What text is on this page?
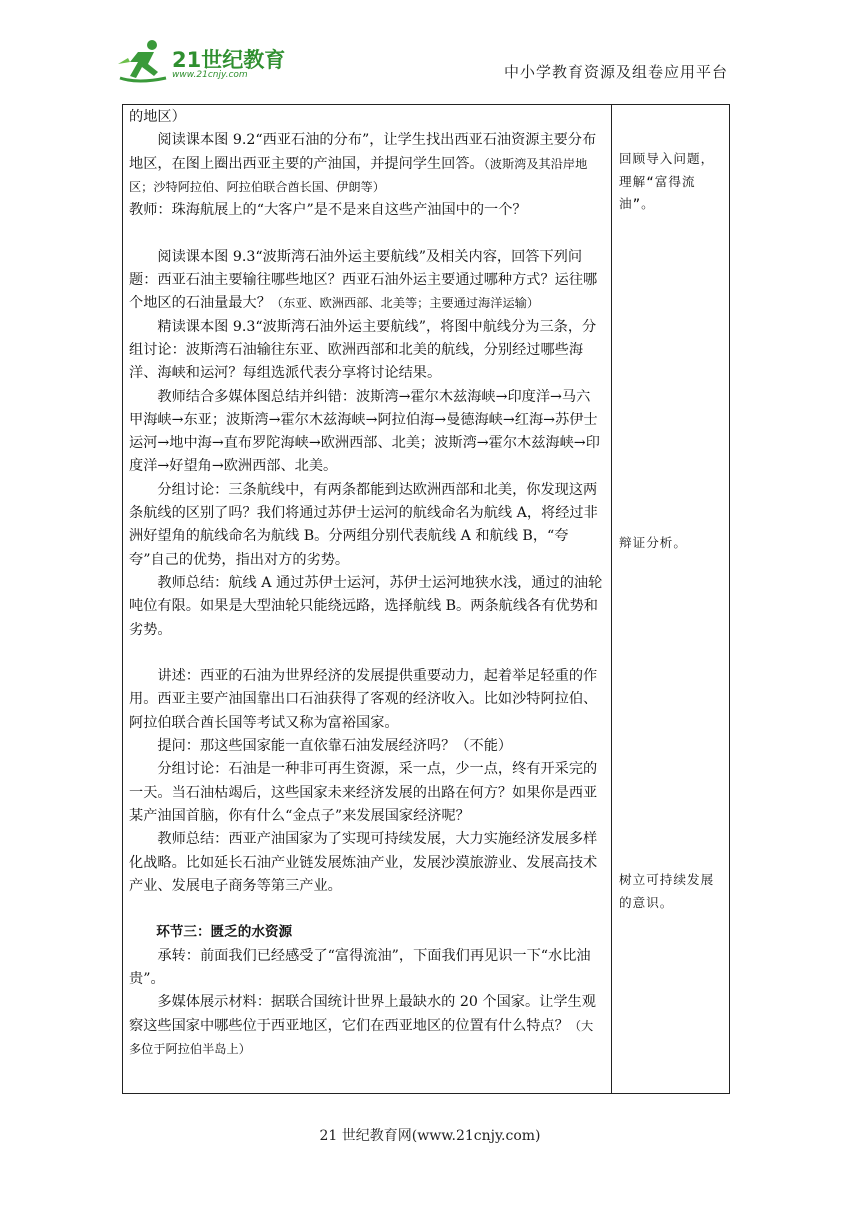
21世纪教育
www.21cnjy.com	中小学教育资源及组卷应用平台

的地区）

阅读课本图 9.2“西亚石油的分布”，让学生找出西亚石油资源主要分布地区，在图上圈出西亚主要的产油国，并提问学生回答。（波斯湾及其沿岸地区；沙特阿拉伯、阿拉伯联合酋长国、伊朗等）

教师：珠海航展上的“大客户”是不是来自这些产油国中的一个？

阅读课本图 9.3“波斯湾石油外运主要航线”及相关内容，回答下列问题：西亚石油主要输往哪些地区？西亚石油外运主要通过哪种方式？运往哪个地区的石油量最大？（东亚、欧洲西部、北美等；主要通过海洋运输）

精读课本图 9.3“波斯湾石油外运主要航线”，将图中航线分为三条，分组讨论：波斯湾石油输往东亚、欧洲西部和北美的航线，分别经过哪些海洋、海峡和运河？每组选派代表分享将讨论结果。

教师结合多媒体图总结并纠错：波斯湾→霍尔木兹海峡→印度洋→马六甲海峡→东亚；波斯湾→霍尔木兹海峡→阿拉伯海→曼德海峡→红海→苏伊士 运河→地中海→直布罗陀海峡→欧洲西部、北美；波斯湾→霍尔木兹海峡→印度洋→好望角→欧洲西部、北美。

分组讨论：三条航线中，有两条都能到达欧洲西部和北美，你发现这两条航线的区别了吗？我们将通过苏伊士运河的航线命名为航线 A，将经过非洲好望角的航线命名为航线 B。分两组分别代表航线 A 和航线 B，“夸夸”自己的优势，指出对方的劣势。

教师总结：航线 A 通过苏伊士运河，苏伊士运河地狭水浅，通过的油轮吨位有限。如果是大型油轮只能绕远路，选择航线 B。两条航线各有优势和劣势。

讲述：西亚的石油为世界经济的发展提供重要动力，起着举足轻重的作用。西亚主要产油国靠出口石油获得了客观的经济收入。比如沙特阿拉伯、阿拉伯联合酋长国等考试又称为富裕国家。

提问：那这些国家能一直依靠石油发展经济吗？（不能）

分组讨论：石油是一种非可再生资源，采一点，少一点，终有开采完的一天。当石油枯竭后，这些国家未来经济发展的出路在何方？如果你是西亚某产油国首脑，你有什么“金点子”来发展国家经济呢？

教师总结：西亚产油国家为了实现可持续发展，大力实施经济发展多样化战略。比如延长石油产业链发展炼油产业，发展沙漠旅游业、发展高技术产业、发展电子商务等第三产业。

环节三：匮乏的水资源

承转：前面我们已经感受了“富得流油”，下面我们再见识一下“水比油贵”。

多媒体展示材料：据联合国统计世界上最缺水的 20 个国家。让学生观察这些国家中哪些位于西亚地区，它们在西亚地区的位置有什么特点？（大多位于阿拉伯半岛上）

回顾导入问题，理解“富得流油”。
辩证分析。
树立可持续发展的意识。
21 世纪教育网(www.21cnjy.com)
